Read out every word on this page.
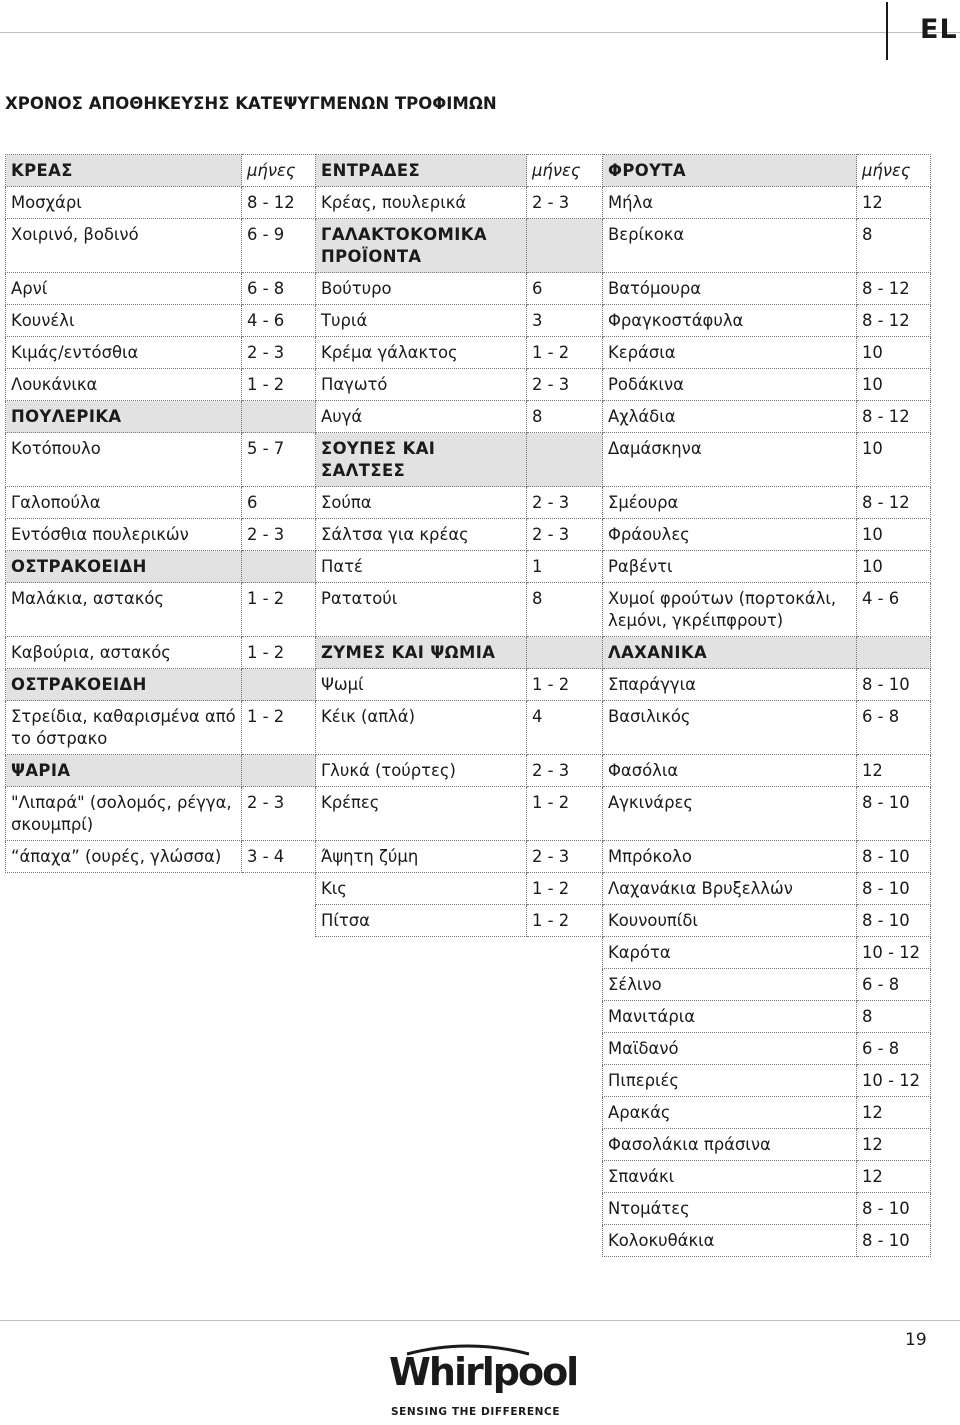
EL
ΧΡΟΝΟΣ ΑΠΟΘΗΚΕΥΣΗΣ ΚΑΤΕΨΥΓΜΕΝΩΝ ΤΡΟΦΙΜΩΝ
ΚΡΕΑΣ	μήνες	ΕΝΤΡΑΔΕΣ	μήνες	ΦΡΟΥΤΑ	μήνες
Μοσχάρι	8 - 12	Κρέας, πουλερικά	2 - 3	Μήλα	12
Χοιρινό, βοδινό	6 - 9	ΓΑΛΑΚΤΟΚΟΜΙΚΑ ΠΡΟΪΟΝΤΑ		Βερίκοκα	8
Αρνί	6 - 8	Βούτυρο	6	Βατόμουρα	8 - 12
Κουνέλι	4 - 6	Τυριά	3	Φραγκοστάφυλα	8 - 12
Κιμάς/εντόσθια	2 - 3	Κρέμα γάλακτος	1 - 2	Κεράσια	10
Λουκάνικα	1 - 2	Παγωτό	2 - 3	Ροδάκινα	10
ΠΟΥΛΕΡΙΚΑ		Αυγά	8	Αχλάδια	8 - 12
Κοτόπουλο	5 - 7	ΣΟΥΠΕΣ ΚΑΙ ΣΑΛΤΣΕΣ		Δαμάσκηνα	10
Γαλοπούλα	6	Σούπα	2 - 3	Σμέουρα	8 - 12
Εντόσθια πουλερικών	2 - 3	Σάλτσα για κρέας	2 - 3	Φράουλες	10
ΟΣΤΡΑΚΟΕΙΔΗ		Πατέ	1	Ραβέντι	10
Μαλάκια, αστακός	1 - 2	Ρατατούι	8	Χυμοί φρούτων (πορτοκάλι, λεμόνι, γκρέιπφρουτ)	4 - 6
Καβούρια, αστακός	1 - 2	ΖΥΜΕΣ ΚΑΙ ΨΩΜΙΑ		ΛΑΧΑΝΙΚΑ	
ΟΣΤΡΑΚΟΕΙΔΗ		Ψωμί	1 - 2	Σπαράγγια	8 - 10
Στρείδια, καθαρισμένα από το όστρακο	1 - 2	Κέικ (απλά)	4	Βασιλικός	6 - 8
ΨΑΡΙΑ		Γλυκά (τούρτες)	2 - 3	Φασόλια	12
"Λιπαρά" (σολομός, ρέγγα, σκουμπρί)	2 - 3	Κρέπες	1 - 2	Αγκινάρες	8 - 10
“άπαχα” (ουρές, γλώσσα)	3 - 4	Άψητη ζύμη	2 - 3	Μπρόκολο	8 - 10
		Κις	1 - 2	Λαχανάκια Βρυξελλών	8 - 10
		Πίτσα	1 - 2	Κουνουπίδι	8 - 10
				Καρότα	10 - 12
				Σέλινο	6 - 8
				Μανιτάρια	8
				Μαϊδανό	6 - 8
				Πιπεριές	10 - 12
				Αρακάς	12
				Φασολάκια πράσινα	12
				Σπανάκι	12
				Ντομάτες	8 - 10
				Κολοκυθάκια	8 - 10
19
Whirlpool
SENSING THE DIFFERENCE
